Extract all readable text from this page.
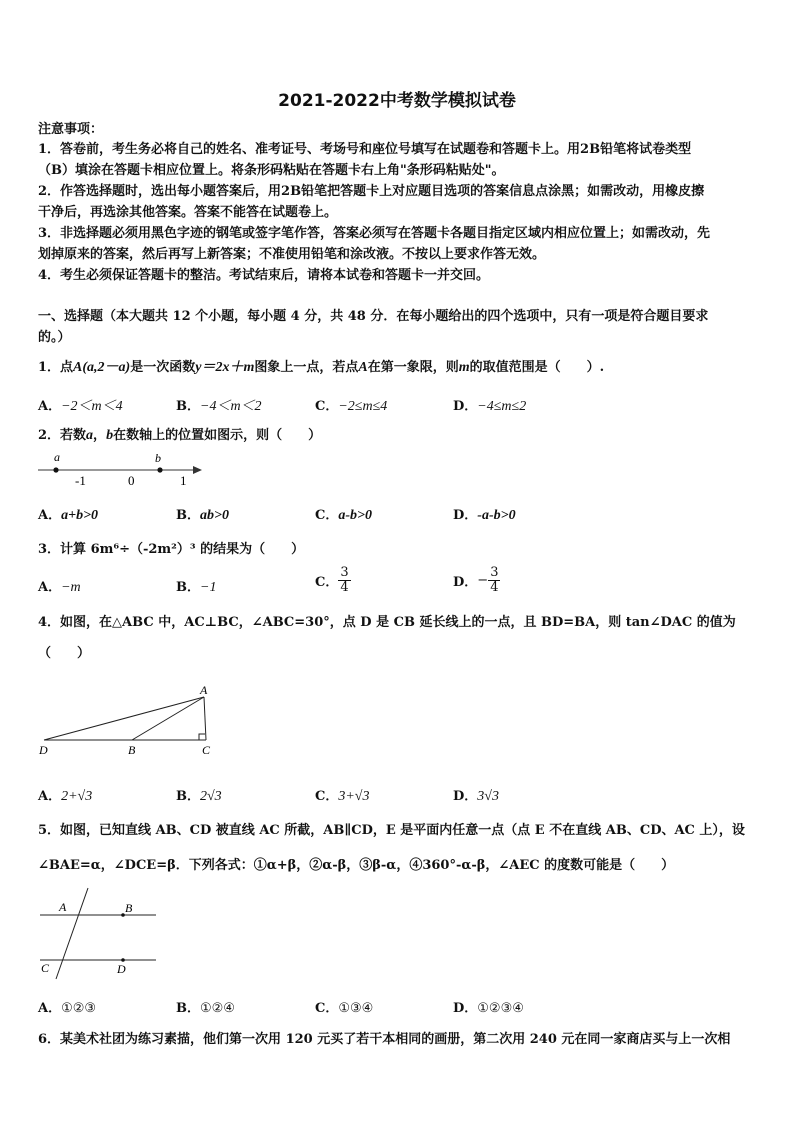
2021-2022中考数学模拟试卷
注意事项：
1．答卷前，考生务必将自己的姓名、准考证号、考场号和座位号填写在试题卷和答题卡上。用2B铅笔将试卷类型
（B）填涂在答题卡相应位置上。将条形码粘贴在答题卡右上角"条形码粘贴处"。
2．作答选择题时，选出每小题答案后，用2B铅笔把答题卡上对应题目选项的答案信息点涂黑；如需改动，用橡皮擦
干净后，再选涂其他答案。答案不能答在试题卷上。
3．非选择题必须用黑色字迹的钢笔或签字笔作答，答案必须写在答题卡各题目指定区域内相应位置上；如需改动，先
划掉原来的答案，然后再写上新答案；不准使用铅笔和涂改液。不按以上要求作答无效。
4．考生必须保证答题卡的整洁。考试结束后，请将本试卷和答题卡一并交回。
一、选择题（本大题共 12 个小题，每小题 4 分，共 48 分．在每小题给出的四个选项中，只有一项是符合题目要求
的。）
1．点A(a,2－a)是一次函数y＝2x＋m图象上一点，若点A在第一象限，则m的取值范围是（　　）.
A．−2＜m＜4	B．−4＜m＜2	C．−2≤m≤4	D．−4≤m≤2
2．若数a，b在数轴上的位置如图示，则（　　）
a	b
-1	0	1
A．a+b>0	B．ab>0	C．a-b>0	D．-a-b>0
3．计算 6m⁶÷（-2m²）³ 的结果为（　　）
A．−m	B．−1	C． $\frac{3}{4}$	D．− $\frac{3}{4}$
4．如图，在△ABC 中，AC⊥BC，∠ABC=30°，点 D 是 CB 延长线上的一点，且 BD=BA，则 tan∠DAC 的值为
（　　）
A
B	C
D
A．2+√3	B．2√3	C．3+√3	D．3√3
5．如图，已知直线 AB、CD 被直线 AC 所截，AB∥CD，E 是平面内任意一点（点 E 不在直线 AB、CD、AC 上），设
∠BAE=α，∠DCE=β．下列各式：①α+β，②α-β，③β-α，④360°-α-β，∠AEC 的度数可能是（　　）
A	B
C	D
A．①②③	B．①②④	C．①③④	D．①②③④
6．某美术社团为练习素描，他们第一次用 120 元买了若干本相同的画册，第二次用 240 元在同一家商店买与上一次相
